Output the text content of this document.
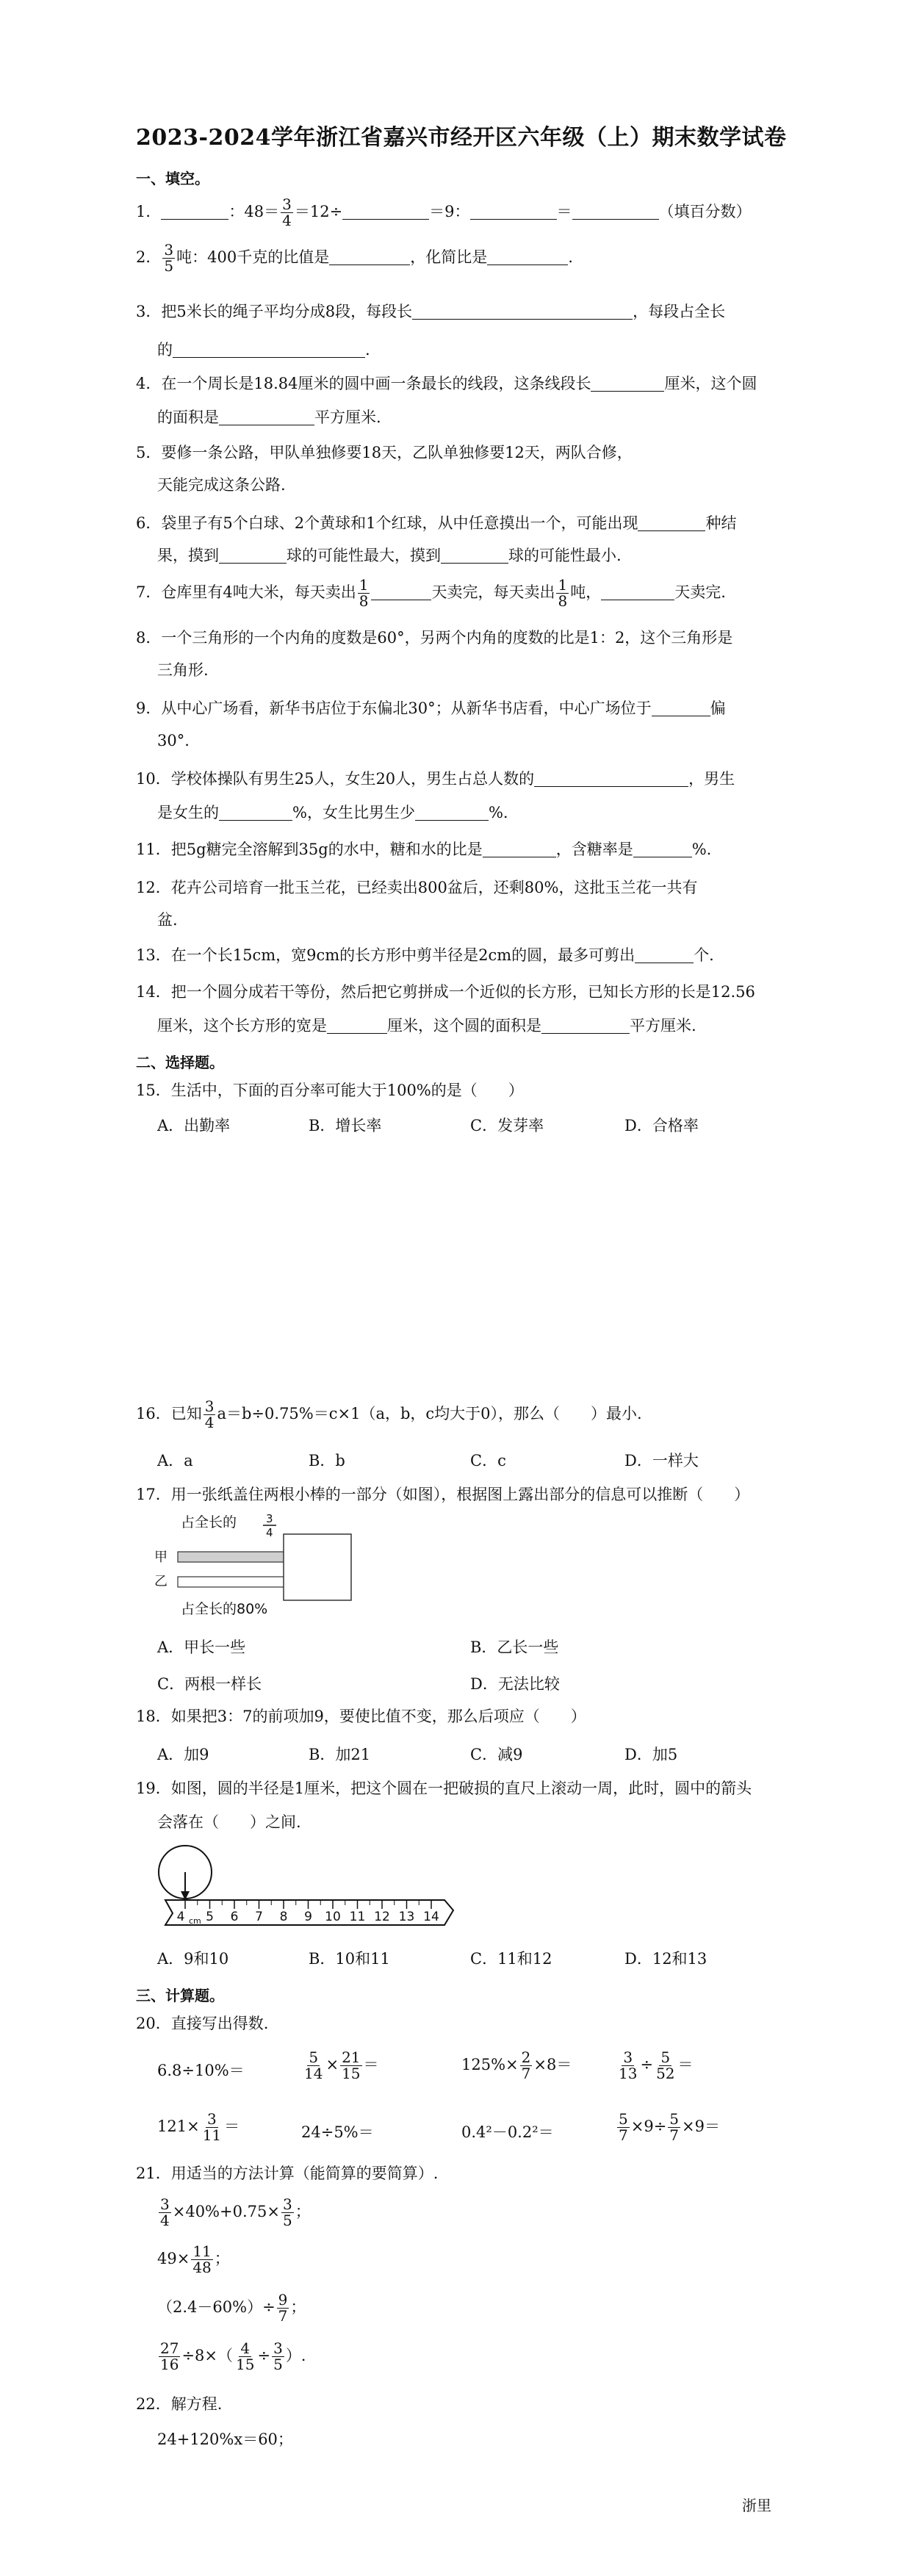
2023-2024学年浙江省嘉兴市经开区六年级（上）期末数学试卷
一、填空。
1．	：$48= \frac{3}{4} =12\div$	＝9：	＝	（填百分数）
2． $\frac{3}{5}$ 吨：400千克的比值是	，化简比是	.
3．把5米长的绳子平均分成8段，每段长	，每段占全长
的	.
4．在一个周长是18.84厘米的圆中画一条最长的线段，这条线段长	厘米，这个圆
的面积是	平方厘米.
5．要修一条公路，甲队单独修要18天，乙队单独修要12天，两队合修，
天能完成这条公路.
6．袋里子有5个白球、2个黄球和1个红球，从中任意摸出一个，可能出现	种结
果，摸到	球的可能性最大，摸到	球的可能性最小.
7．仓库里有4吨大米，每天卖出 $\frac{1}{8}$	天卖完，每天卖出 $\frac{1}{8}$ 吨，	天卖完.
8．一个三角形的一个内角的度数是60°，另两个内角的度数的比是1：2，这个三角形是
三角形.
9．从中心广场看，新华书店位于东偏北30°；从新华书店看，中心广场位于	偏
30°.
10．学校体操队有男生25人，女生20人，男生占总人数的	，男生
是女生的	%，女生比男生少	%.
11．把5g糖完全溶解到35g的水中，糖和水的比是	，含糖率是	%.
12．花卉公司培育一批玉兰花，已经卖出800盆后，还剩80%，这批玉兰花一共有
盆.
13．在一个长15cm，宽9cm的长方形中剪半径是2cm的圆，最多可剪出	个.
14．把一个圆分成若干等份，然后把它剪拼成一个近似的长方形，已知长方形的长是12.56
厘米，这个长方形的宽是	厘米，这个圆的面积是	平方厘米.
二、选择题。
15．生活中，下面的百分率可能大于100%的是（　　）
A．出勤率	B．增长率	C．发芽率	D．合格率
16．已知 $\frac{3}{4} a=b\div 0.75\%=c\times 1(a$，b，c均大于0），那么（　　）最小.
A．a	B．b	C．c	D．一样大
17．用一张纸盖住两根小棒的一部分（如图），根据图上露出部分的信息可以推断（　　）
占全长的	3
4
甲
乙
占全长的80%
A．甲长一些	B．乙长一些
C．两根一样长	D．无法比较
18．如果把3：7的前项加9，要使比值不变，那么后项应（　　）
A．加9	B．加21	C．减9	D．加5
19．如图，圆的半径是1厘米，把这个圆在一把破损的直尺上滚动一周，此时，圆中的箭头
会落在（　　）之间.
4 5 6 7 8 9 10 11 12 13 14
cm
A．9和10	B．10和11	C．11和12	D．12和13
三、计算题。
20．直接写出得数.
6.8÷10%＝	$\frac{5}{14} \times \frac{21}{15}$ ＝	$125\%\times \frac{2}{7} \times 8=$	$\frac{3}{13} \div \frac{5}{52}$ ＝
$121\times \frac{3}{11}$ ＝	24÷5%＝	0.4²－0.2²＝	$\frac{5}{7} \times 9\div \frac{5}{7} \times 9=$
21．用适当的方法计算（能简算的要简算）.
$\frac{3}{4} \times 40\%+0.75\times \frac{3}{5}$ ；
$49\times \frac{11}{48}$ ；
$(2.4-60\%)\div \frac{9}{7}$ ；
$\frac{27}{16} \div 8\times( \frac{4}{15} \div \frac{3}{5}$ ）.
22．解方程.
24+120%x＝60；
浙里
